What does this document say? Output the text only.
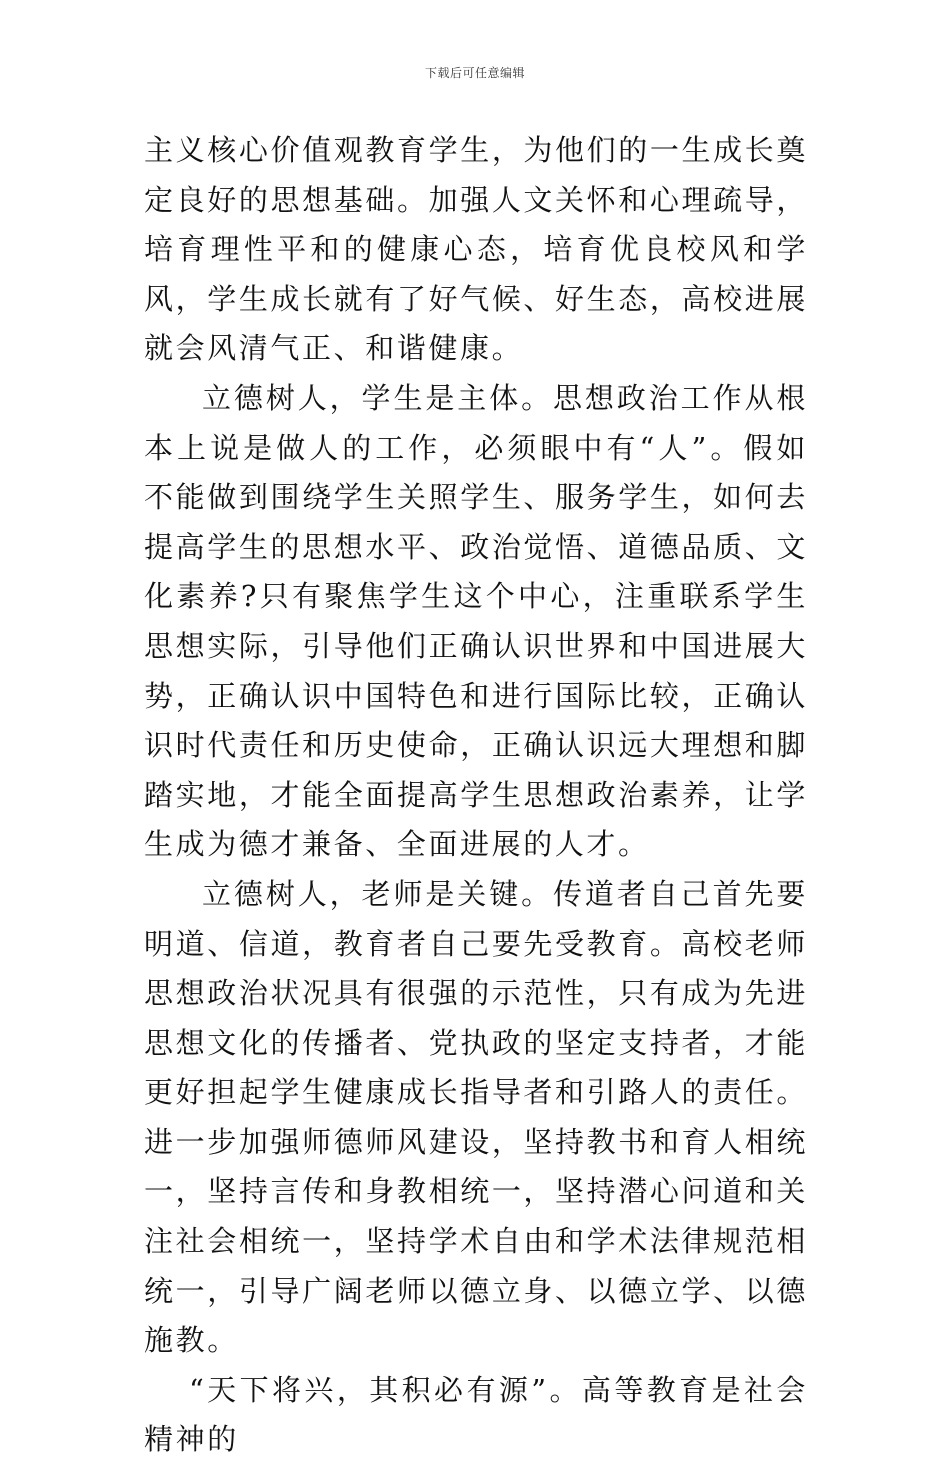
下载后可任意编辑

主义核心价值观教育学生，为他们的一生成长奠定良好的思想基础。加强人文关怀和心理疏导，培育理性平和的健康心态，培育优良校风和学风，学生成长就有了好气候、好生态，高校进展就会风清气正、和谐健康。

立德树人，学生是主体。思想政治工作从根本上说是做人的工作，必须眼中有“人”。假如不能做到围绕学生关照学生、服务学生，如何去提高学生的思想水平、政治觉悟、道德品质、文化素养?只有聚焦学生这个中心，注重联系学生思想实际，引导他们正确认识世界和中国进展大势，正确认识中国特色和进行国际比较，正确认识时代责任和历史使命，正确认识远大理想和脚踏实地，才能全面提高学生思想政治素养，让学生成为德才兼备、全面进展的人才。

立德树人，老师是关键。传道者自己首先要明道、信道，教育者自己要先受教育。高校老师思想政治状况具有很强的示范性，只有成为先进思想文化的传播者、党执政的坚定支持者，才能更好担起学生健康成长指导者和引路人的责任。进一步加强师德师风建设，坚持教书和育人相统一，坚持言传和身教相统一，坚持潜心问道和关注社会相统一，坚持学术自由和学术法律规范相统一，引导广阔老师以德立身、以德立学、以德施教。

“天下将兴，其积必有源”。高等教育是社会精神的
